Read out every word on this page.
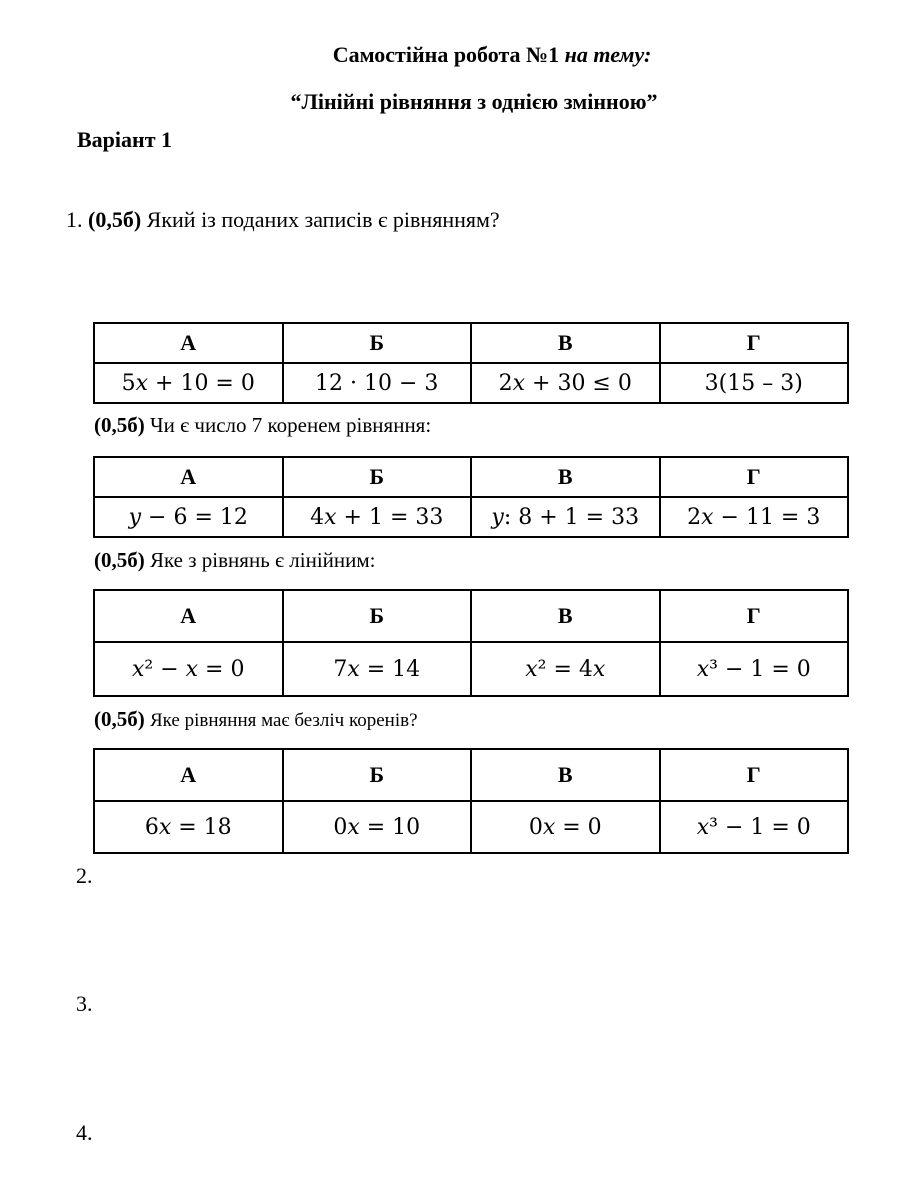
Самостійна робота №1 на тему:
“Лінійні рівняння з однією змінною”
Варіант 1
1. (0,5б) Який із поданих записів є рівнянням?
А	Б	В	Г
5𝑥 + 10 = 0	12 · 10 − 3	2𝑥 + 30 ≤ 0	3(15 – 3)
(0,5б) Чи є число 7 коренем рівняння:
А	Б	В	Г
𝑦 − 6 = 12	4𝑥 + 1 = 33	𝑦: 8 + 1 = 33	2𝑥 − 11 = 3
(0,5б) Яке з рівнянь є лінійним:
А	Б	В	Г
𝑥² − 𝑥 = 0	7𝑥 = 14	𝑥² = 4𝑥	𝑥³ − 1 = 0
(0,5б) Яке рівняння має безліч коренів?
А	Б	В	Г
6𝑥 = 18	0𝑥 = 10	0𝑥 = 0	𝑥³ − 1 = 0
2.
3.
4.
